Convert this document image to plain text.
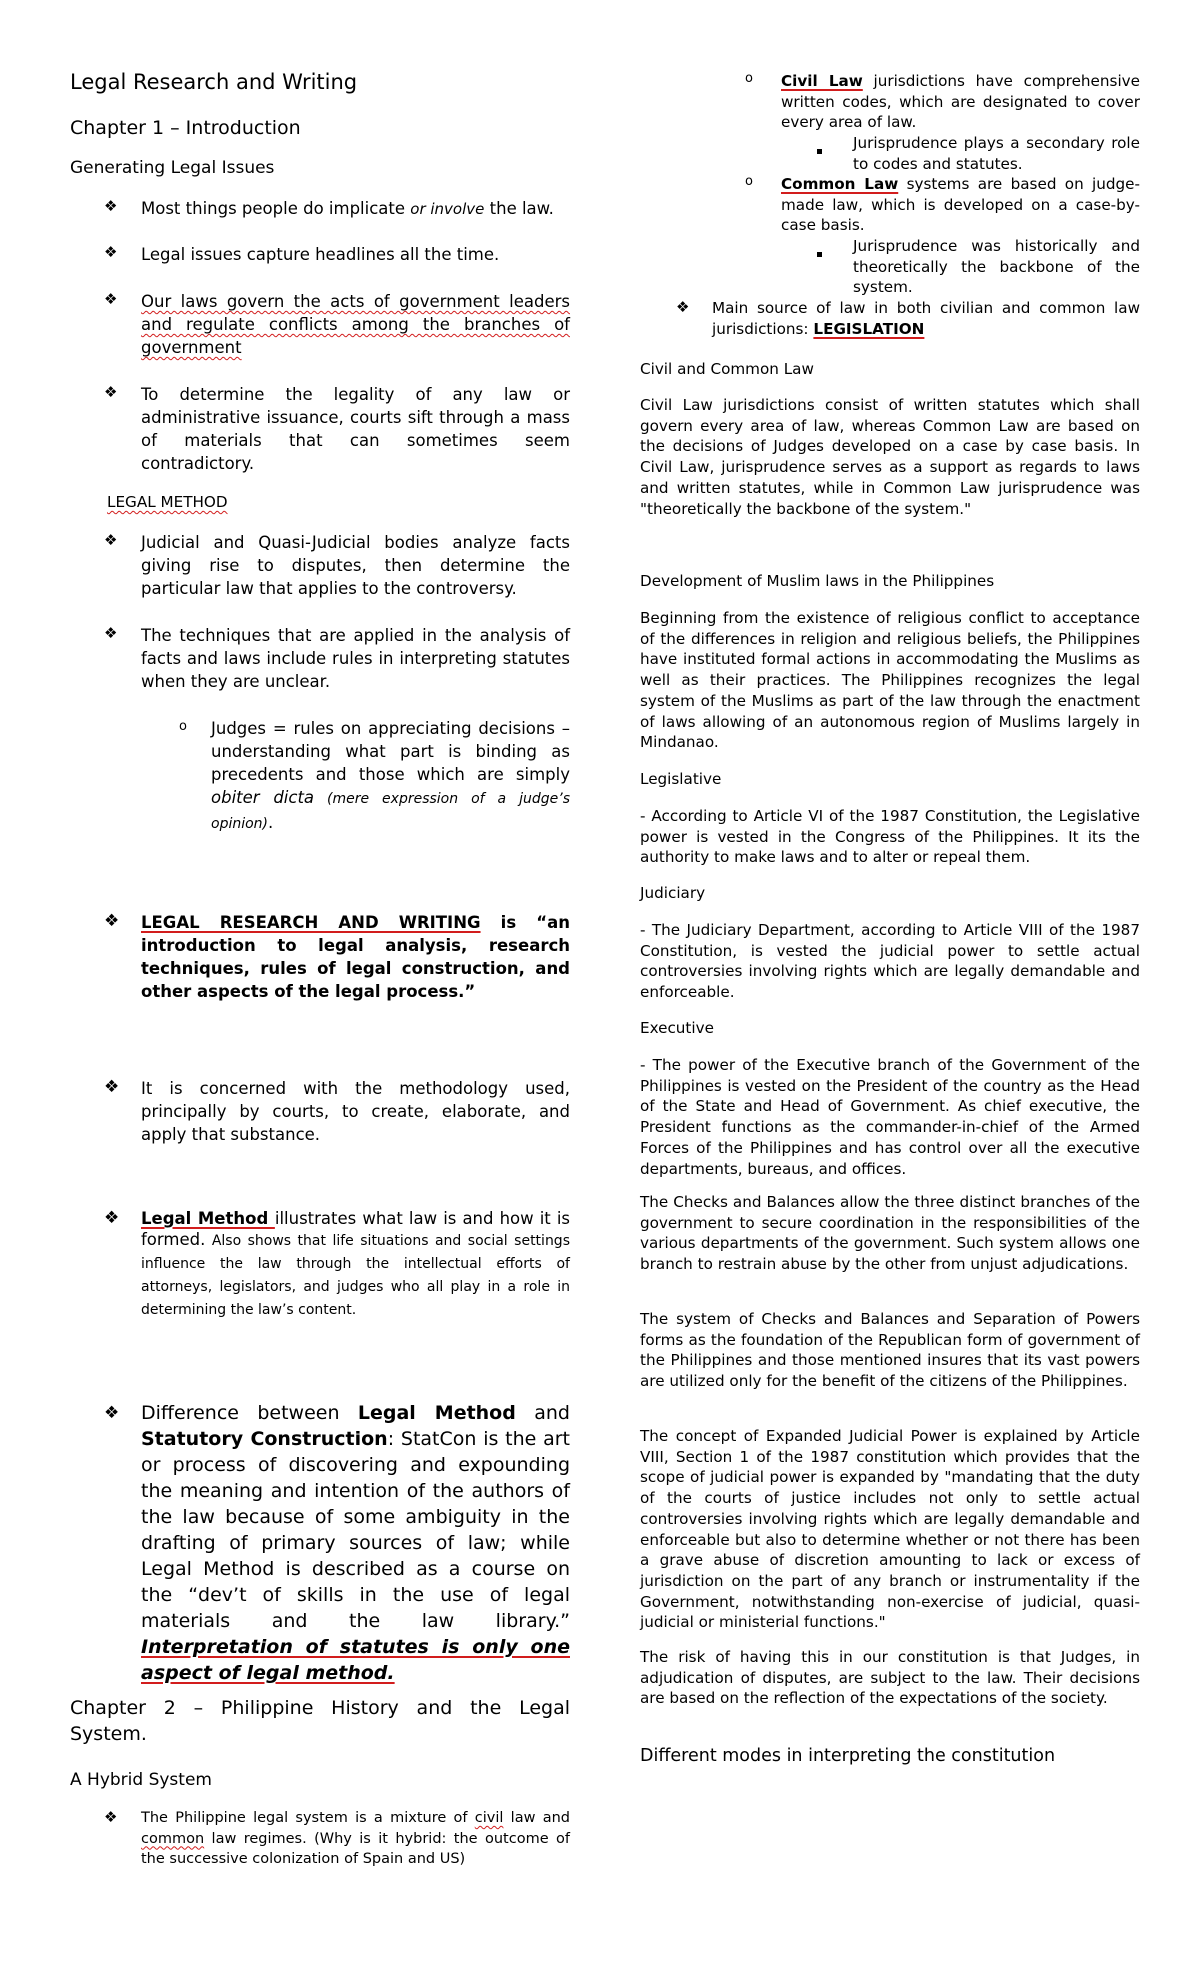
Legal Research and Writing

Chapter 1 – Introduction

Generating Legal Issues

❖ Most things people do implicate or involve the law.

❖ Legal issues capture headlines all the time.

❖ Our laws govern the acts of government leaders and regulate conflicts among the branches of government

❖ To determine the legality of any law or administrative issuance, courts sift through a mass of materials that can sometimes seem contradictory.

LEGAL METHOD

❖ Judicial and Quasi-Judicial bodies analyze facts giving rise to disputes, then determine the particular law that applies to the controversy.

❖ The techniques that are applied in the analysis of facts and laws include rules in interpreting statutes when they are unclear.

o Judges = rules on appreciating decisions – understanding what part is binding as precedents and those which are simply obiter dicta (mere expression of a judge’s opinion).

❖ LEGAL RESEARCH AND WRITING is “an introduction to legal analysis, research techniques, rules of legal construction, and other aspects of the legal process.”

❖ It is concerned with the methodology used, principally by courts, to create, elaborate, and apply that substance.

❖ Legal Method illustrates what law is and how it is formed. Also shows that life situations and social settings influence the law through the intellectual efforts of attorneys, legislators, and judges who all play in a role in determining the law’s content.

❖ Difference between Legal Method and Statutory Construction: StatCon is the art or process of discovering and expounding the meaning and intention of the authors of the law because of some ambiguity in the drafting of primary sources of law; while Legal Method is described as a course on the “dev’t of skills in the use of legal materials and the law library.” Interpretation of statutes is only one aspect of legal method.

Chapter 2 – Philippine History and the Legal System.

A Hybrid System

❖ The Philippine legal system is a mixture of civil law and common law regimes. (Why is it hybrid: the outcome of the successive colonization of Spain and US)

o Civil Law jurisdictions have comprehensive written codes, which are designated to cover every area of law.

Jurisprudence plays a secondary role to codes and statutes.

o Common Law systems are based on judge-made law, which is developed on a case-by-case basis.

Jurisprudence was historically and theoretically the backbone of the system.

❖ Main source of law in both civilian and common law jurisdictions: LEGISLATION

Civil and Common Law

Civil Law jurisdictions consist of written statutes which shall govern every area of law, whereas Common Law are based on the decisions of Judges developed on a case by case basis. In Civil Law, jurisprudence serves as a support as regards to laws and written statutes, while in Common Law jurisprudence was "theoretically the backbone of the system."

Development of Muslim laws in the Philippines

Beginning from the existence of religious conflict to acceptance of the differences in religion and religious beliefs, the Philippines have instituted formal actions in accommodating the Muslims as well as their practices. The Philippines recognizes the legal system of the Muslims as part of the law through the enactment of laws allowing of an autonomous region of Muslims largely in Mindanao.

Legislative

- According to Article VI of the 1987 Constitution, the Legislative power is vested in the Congress of the Philippines. It its the authority to make laws and to alter or repeal them.

Judiciary

- The Judiciary Department, according to Article VIII of the 1987 Constitution, is vested the judicial power to settle actual controversies involving rights which are legally demandable and enforceable.

Executive

- The power of the Executive branch of the Government of the Philippines is vested on the President of the country as the Head of the State and Head of Government. As chief executive, the President functions as the commander-in-chief of the Armed Forces of the Philippines and has control over all the executive departments, bureaus, and offices.

The Checks and Balances allow the three distinct branches of the government to secure coordination in the responsibilities of the various departments of the government. Such system allows one branch to restrain abuse by the other from unjust adjudications.

The system of Checks and Balances and Separation of Powers forms as the foundation of the Republican form of government of the Philippines and those mentioned insures that its vast powers are utilized only for the benefit of the citizens of the Philippines.

The concept of Expanded Judicial Power is explained by Article VIII, Section 1 of the 1987 constitution which provides that the scope of judicial power is expanded by "mandating that the duty of the courts of justice includes not only to settle actual controversies involving rights which are legally demandable and enforceable but also to determine whether or not there has been a grave abuse of discretion amounting to lack or excess of jurisdiction on the part of any branch or instrumentality if the Government, notwithstanding non-exercise of judicial, quasi-judicial or ministerial functions."

The risk of having this in our constitution is that Judges, in adjudication of disputes, are subject to the law. Their decisions are based on the reflection of the expectations of the society.

Different modes in interpreting the constitution
